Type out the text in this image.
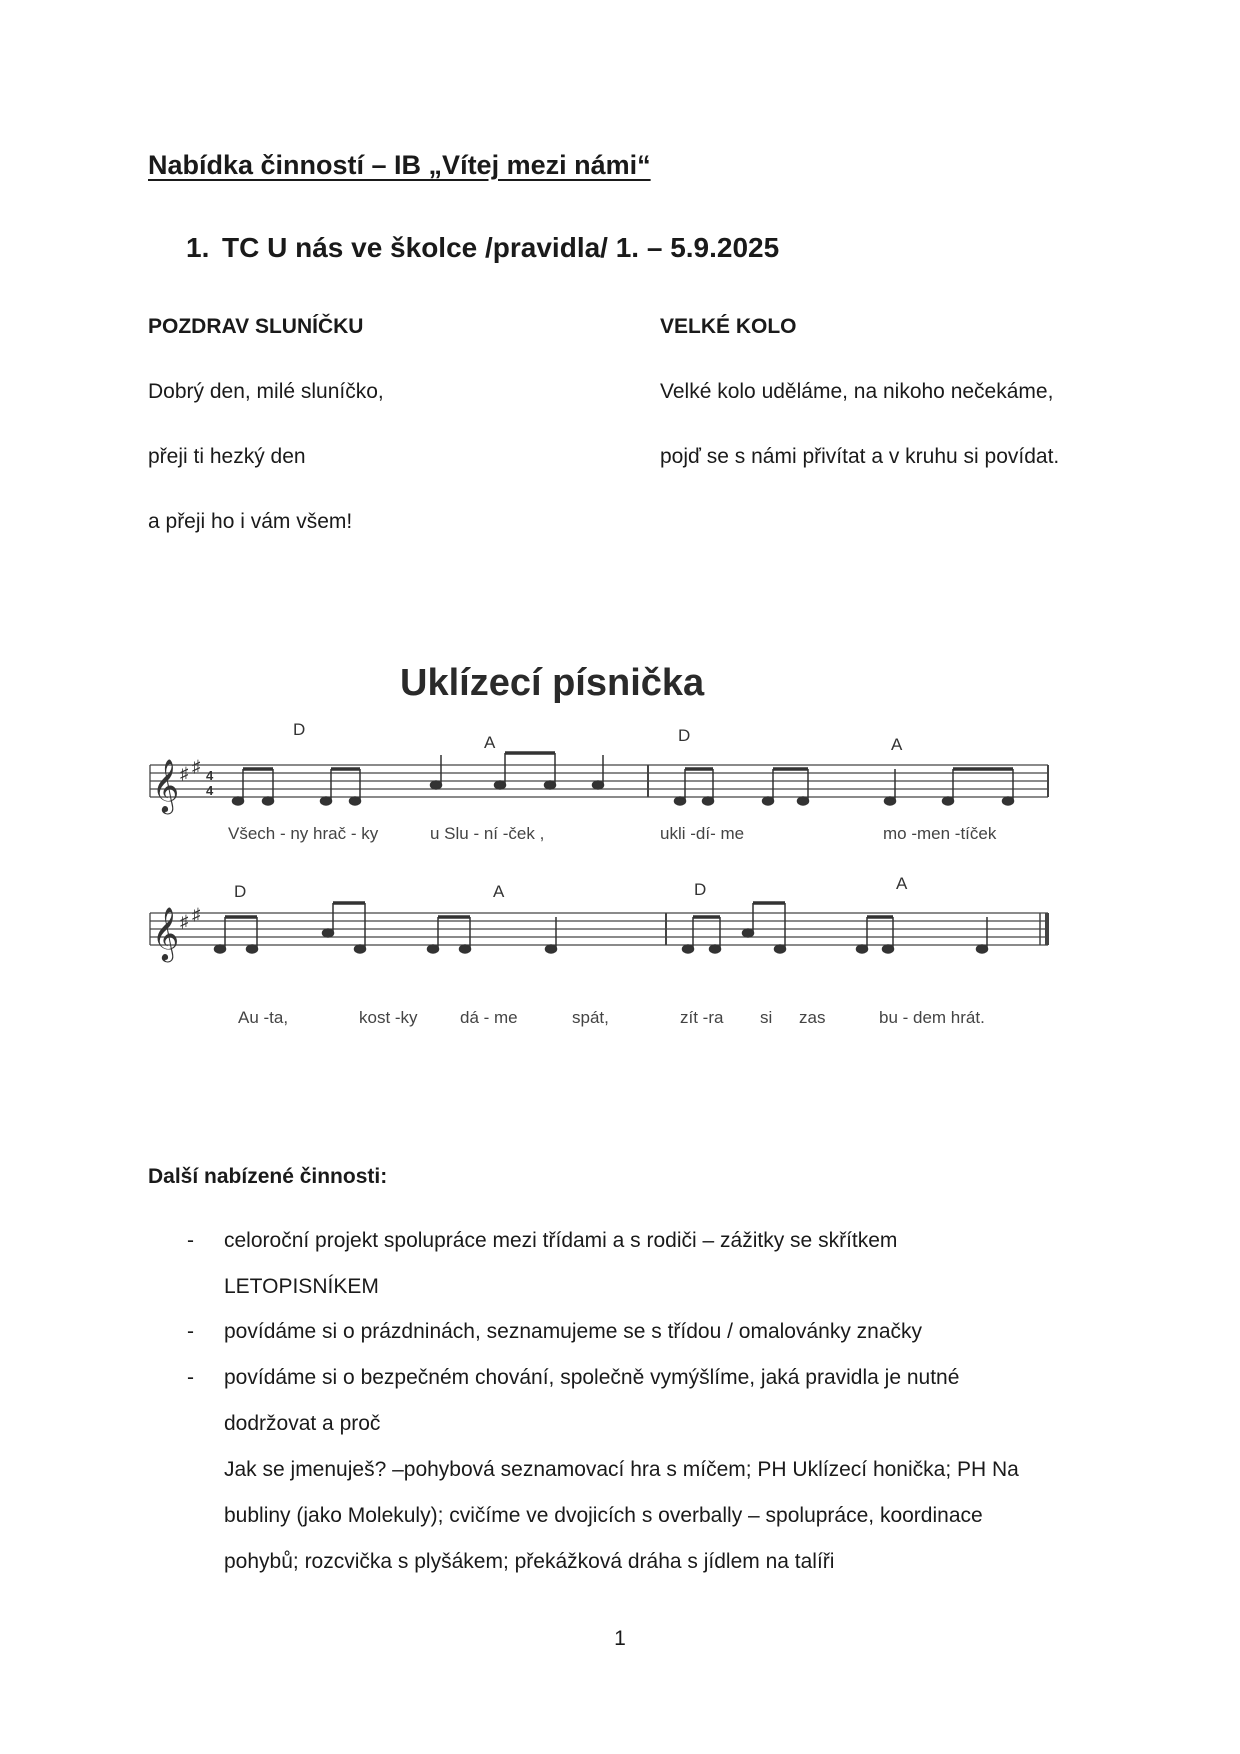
Nabídka činností – IB „Vítej mezi námi“
1. TC U nás ve školce /pravidla/ 1. – 5.9.2025
POZDRAV SLUNÍČKU
Dobrý den, milé sluníčko,
přeji ti hezký den
a přeji ho i vám všem!
VELKÉ KOLO
Velké kolo uděláme, na nikoho nečekáme,
pojď se s námi přivítat a v kruhu si povídat.
Uklízecí písnička
D
A	D	A
𝄞 ♯ ♯ 4
4
Všech - ny hrač - ky	u Slu - ní -ček ,	ukli -dí- me	mo -men -tíček
D	A	D	A
𝄞 ♯ ♯
Au -ta,	kost -ky dá - me	spát,	zít -ra si zas	bu - dem hrát.
Další nabízené činnosti:
- celoroční projekt spolupráce mezi třídami a s rodiči – zážitky se skřítkem
LETOPISNÍKEM
- povídáme si o prázdninách, seznamujeme se s třídou / omalovánky značky
- povídáme si o bezpečném chování, společně vymýšlíme, jaká pravidla je nutné
dodržovat a proč
Jak se jmenuješ? –pohybová seznamovací hra s míčem; PH Uklízecí honička; PH Na
bubliny (jako Molekuly); cvičíme ve dvojicích s overbally – spolupráce, koordinace
pohybů; rozcvička s plyšákem; překážková dráha s jídlem na talíři
1
